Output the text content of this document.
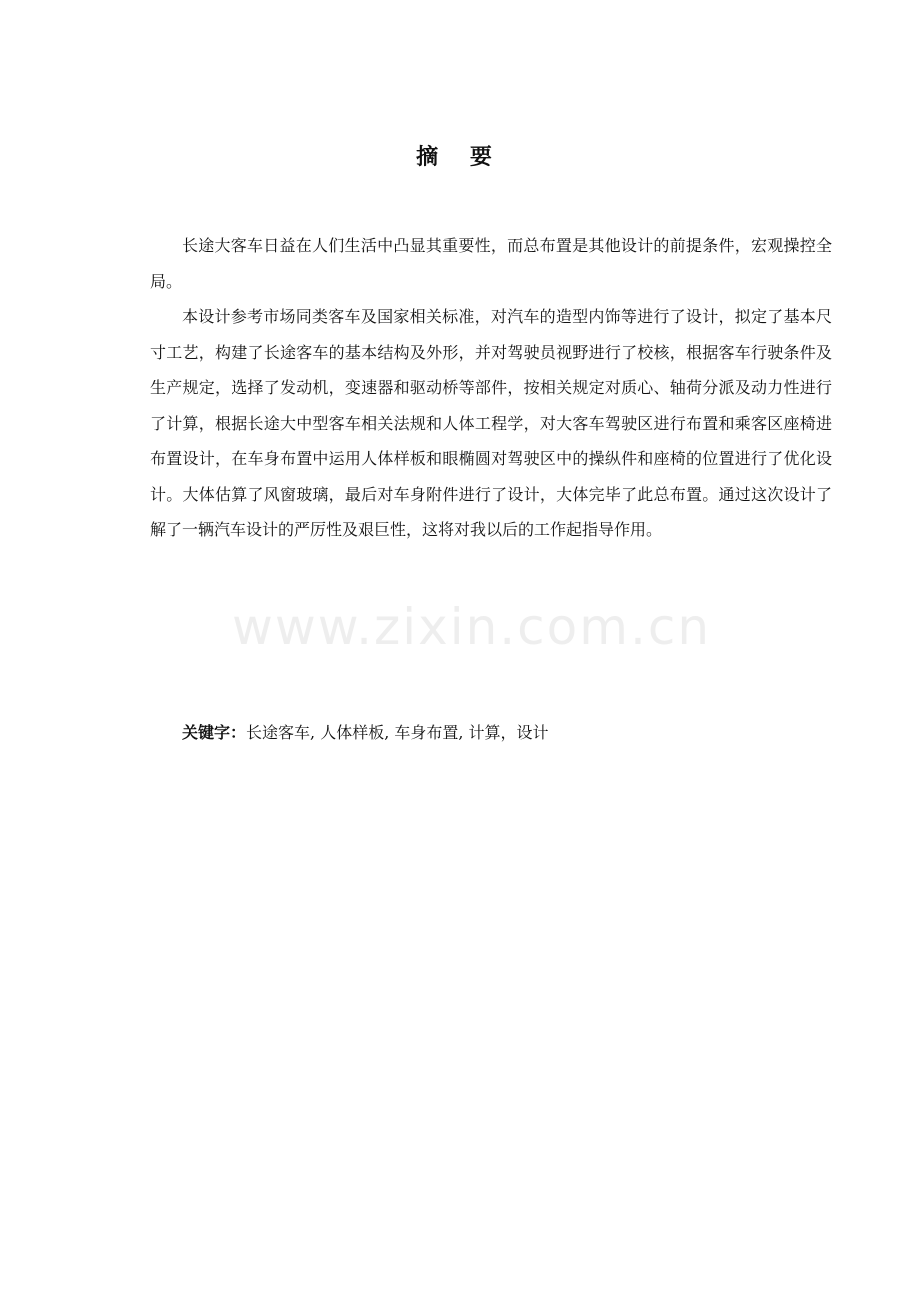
摘 要

长途大客车日益在人们生活中凸显其重要性，而总布置是其他设计的前提条件，宏观操控全局。

本设计参考市场同类客车及国家相关标准，对汽车的造型内饰等进行了设计，拟定了基本尺寸工艺，构建了长途客车的基本结构及外形，并对驾驶员视野进行了校核，根据客车行驶条件及生产规定，选择了发动机，变速器和驱动桥等部件，按相关规定对质心、轴荷分派及动力性进行了计算，根据长途大中型客车相关法规和人体工程学，对大客车驾驶区进行布置和乘客区座椅进布置设计，在车身布置中运用人体样板和眼椭圆对驾驶区中的操纵件和座椅的位置进行了优化设计。大体估算了风窗玻璃，最后对车身附件进行了设计，大体完毕了此总布置。通过这次设计了解了一辆汽车设计的严厉性及艰巨性，这将对我以后的工作起指导作用。

关键字：长途客车, 人体样板, 车身布置, 计算，设计
www.zixin.com.cn
